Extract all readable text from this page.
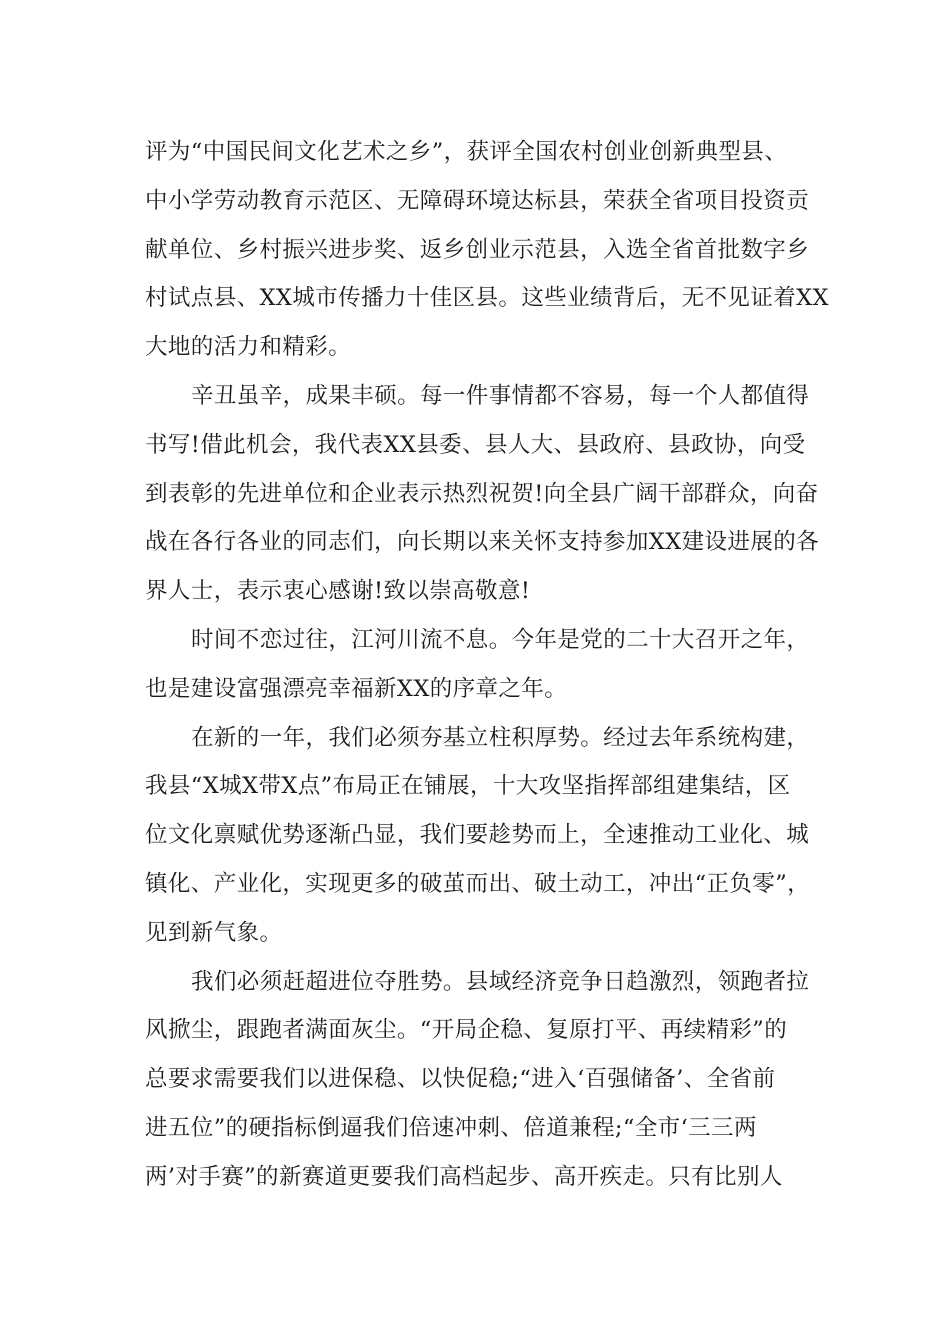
评为“中国民间文化艺术之乡”，获评全国农村创业创新典型县、
中小学劳动教育示范区、无障碍环境达标县，荣获全省项目投资贡
献单位、乡村振兴进步奖、返乡创业示范县，入选全省首批数字乡
村试点县、XX城市传播力十佳区县。这些业绩背后，无不见证着XX
大地的活力和精彩。
辛丑虽辛，成果丰硕。每一件事情都不容易，每一个人都值得
书写!借此机会，我代表XX县委、县人大、县政府、县政协，向受
到表彰的先进单位和企业表示热烈祝贺!向全县广阔干部群众，向奋
战在各行各业的同志们，向长期以来关怀支持参加XX建设进展的各
界人士，表示衷心感谢!致以崇高敬意!
时间不恋过往，江河川流不息。今年是党的二十大召开之年，
也是建设富强漂亮幸福新XX的序章之年。
在新的一年，我们必须夯基立柱积厚势。经过去年系统构建，
我县“X城X带X点”布局正在铺展，十大攻坚指挥部组建集结，区
位文化禀赋优势逐渐凸显，我们要趁势而上，全速推动工业化、城
镇化、产业化，实现更多的破茧而出、破土动工，冲出“正负零”，
见到新气象。
我们必须赶超进位夺胜势。县域经济竞争日趋激烈，领跑者拉
风掀尘，跟跑者满面灰尘。“开局企稳、复原打平、再续精彩”的
总要求需要我们以进保稳、以快促稳;“进入‘百强储备’、全省前
进五位”的硬指标倒逼我们倍速冲刺、倍道兼程;“全市‘三三两
两’对手赛”的新赛道更要我们高档起步、高开疾走。只有比别人
